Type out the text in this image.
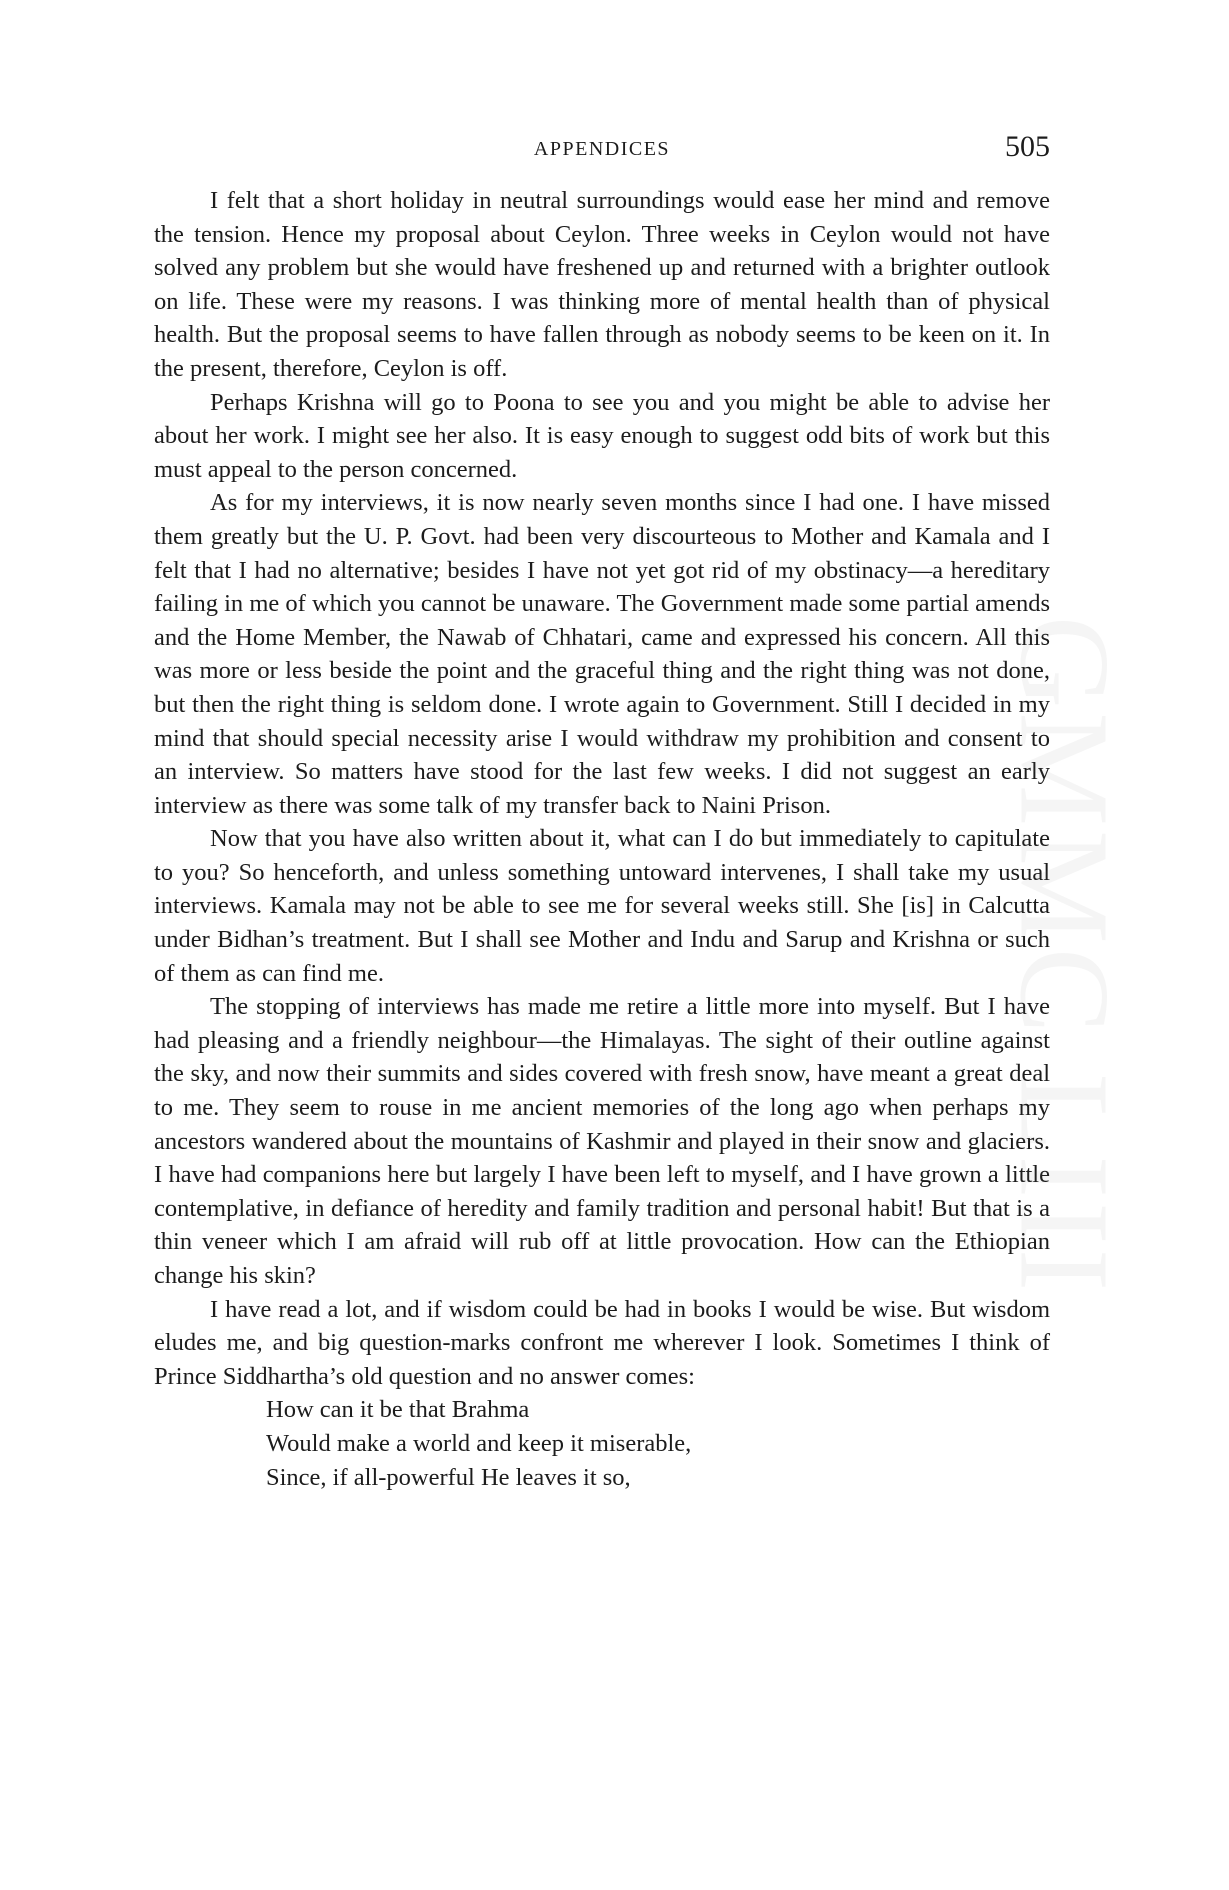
APPENDICES	505

I felt that a short holiday in neutral surroundings would ease her mind and remove the tension. Hence my proposal about Ceylon. Three weeks in Ceylon would not have solved any problem but she would have freshened up and returned with a brighter outlook on life. These were my reasons. I was thinking more of mental health than of physical health. But the proposal seems to have fallen through as nobody seems to be keen on it. In the present, therefore, Ceylon is off.

Perhaps Krishna will go to Poona to see you and you might be able to advise her about her work. I might see her also. It is easy enough to suggest odd bits of work but this must appeal to the person concerned.

As for my interviews, it is now nearly seven months since I had one. I have missed them greatly but the U. P. Govt. had been very discourteous to Mother and Kamala and I felt that I had no alternative; besides I have not yet got rid of my obstinacy—a hereditary failing in me of which you cannot be unaware. The Government made some partial amends and the Home Member, the Nawab of Chhatari, came and expressed his concern. All this was more or less beside the point and the graceful thing and the right thing was not done, but then the right thing is seldom done. I wrote again to Government. Still I decided in my mind that should special necessity arise I would withdraw my prohibition and consent to an interview. So matters have stood for the last few weeks. I did not suggest an early interview as there was some talk of my transfer back to Naini Prison.

Now that you have also written about it, what can I do but immediately to capitulate to you? So henceforth, and unless something untoward intervenes, I shall take my usual interviews. Kamala may not be able to see me for several weeks still. She [is] in Calcutta under Bidhan’s treatment. But I shall see Mother and Indu and Sarup and Krishna or such of them as can find me.

The stopping of interviews has made me retire a little more into myself. But I have had pleasing and a friendly neighbour—the Himalayas. The sight of their outline against the sky, and now their summits and sides covered with fresh snow, have meant a great deal to me. They seem to rouse in me ancient memories of the long ago when perhaps my ancestors wandered about the mountains of Kashmir and played in their snow and glaciers. I have had companions here but largely I have been left to myself, and I have grown a little contemplative, in defiance of heredity and family tradition and personal habit! But that is a thin veneer which I am afraid will rub off at little provocation. How can the Ethiopian change his skin?

I have read a lot, and if wisdom could be had in books I would be wise. But wisdom eludes me, and big question-marks confront me wherever I look. Sometimes I think of Prince Siddhartha’s old question and no answer comes:

How can it be that Brahma

Would make a world and keep it miserable,

Since, if all-powerful He leaves it so,

GMMC LIII
